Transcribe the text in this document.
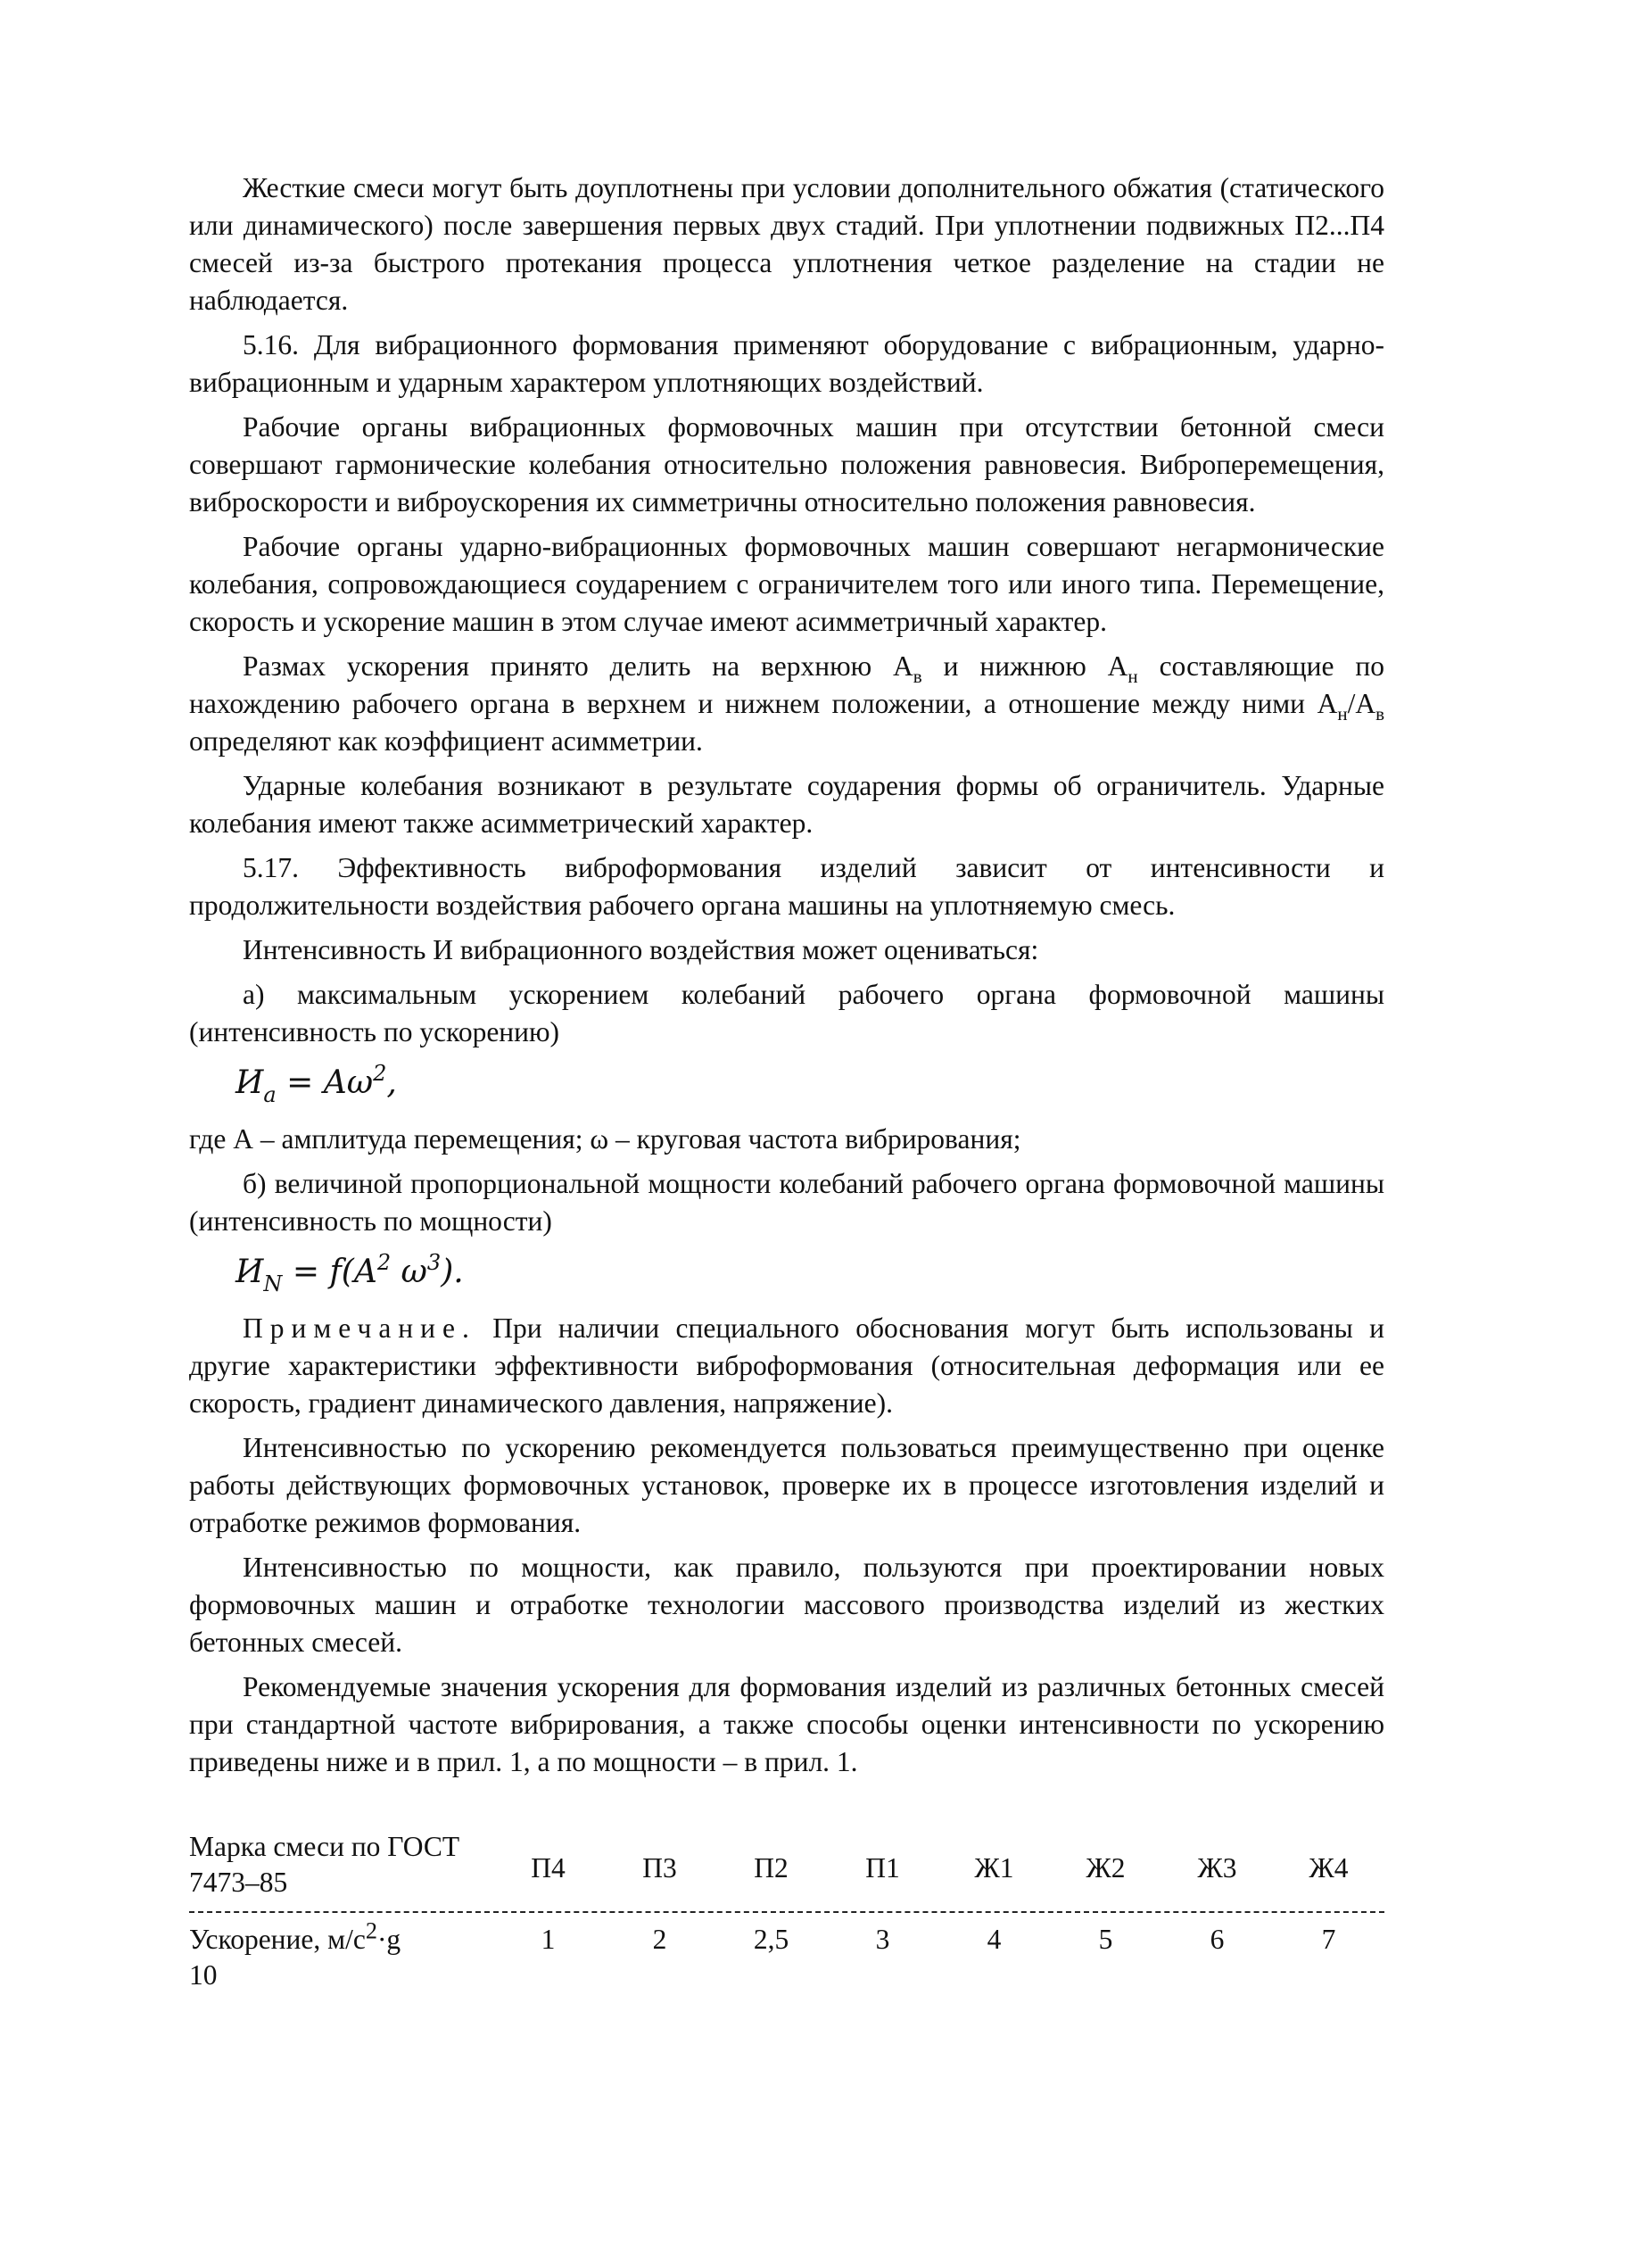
Жесткие смеси могут быть доуплотнены при условии дополнительного обжатия (статического или динамического) после завершения первых двух стадий. При уплотнении подвижных П2...П4 смесей из-за быстрого протекания процесса уплотнения четкое разделение на стадии не наблюдается.

5.16. Для вибрационного формования применяют оборудование с вибрационным, ударно-вибрационным и ударным характером уплотняющих воздействий.

Рабочие органы вибрационных формовочных машин при отсутствии бетонной смеси совершают гармонические колебания относительно положения равновесия. Виброперемещения, виброскорости и виброускорения их симметричны относительно положения равновесия.

Рабочие органы ударно-вибрационных формовочных машин совершают негармонические колебания, сопровождающиеся соударением с ограничителем того или иного типа. Перемещение, скорость и ускорение машин в этом случае имеют асимметричный характер.

Размах ускорения принято делить на верхнюю $А_в$ и нижнюю $А_н$ составляющие по нахождению рабочего органа в верхнем и нижнем положении, а отношение между ними $А_н/А_в$ определяют как коэффициент асимметрии.

Ударные колебания возникают в результате соударения формы об ограничитель. Ударные колебания имеют также асимметрический характер.

5.17. Эффективность виброформования изделий зависит от интенсивности и продолжительности воздействия рабочего органа машины на уплотняемую смесь.

Интенсивность И вибрационного воздействия может оцениваться:

а) максимальным ускорением колебаний рабочего органа формовочной машины (интенсивность по ускорению)

$И_a = A\omega^2$,

где А – амплитуда перемещения; ω – круговая частота вибрирования;

б) величиной пропорциональной мощности колебаний рабочего органа формовочной машины (интенсивность по мощности)

$И_N = f(A^2$ $\omega^3$).

Примечание. При наличии специального обоснования могут быть использованы и другие характеристики эффективности виброформования (относительная деформация или ее скорость, градиент динамического давления, напряжение).

Интенсивностью по ускорению рекомендуется пользоваться преимущественно при оценке работы действующих формовочных установок, проверке их в процессе изготовления изделий и отработке режимов формования.

Интенсивностью по мощности, как правило, пользуются при проектировании новых формовочных машин и отработке технологии массового производства изделий из жестких бетонных смесей.

Рекомендуемые значения ускорения для формования изделий из различных бетонных смесей при стандартной частоте вибрирования, а также способы оценки интенсивности по ускорению приведены ниже и в прил. 1, а по мощности – в прил. 1.

Марка смеси по ГОСТ 7473–85	П4	П3	П2	П1	Ж1	Ж2	Ж3	Ж4
Ускорение, $м/с^2\cdot g$	1	2	2,5	3	4	5	6	7
10
